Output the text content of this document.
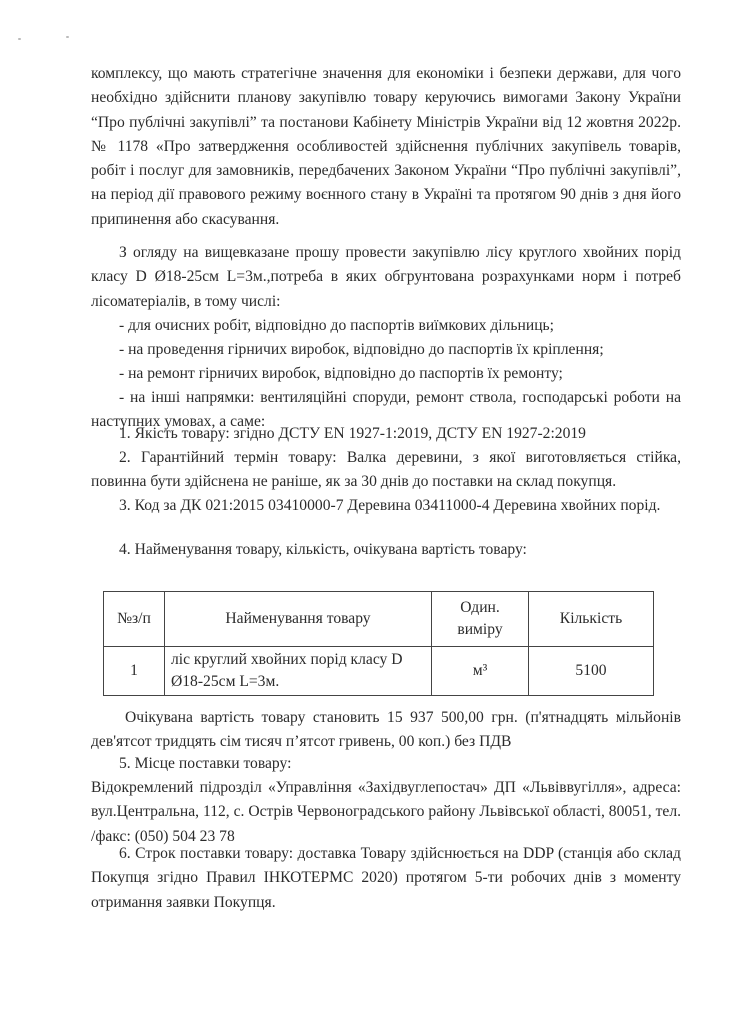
комплексу, що мають стратегічне значення для економіки і безпеки держави, для чого необхідно здійснити планову закупівлю товару керуючись вимогами Закону України “Про публічні закупівлі” та постанови Кабінету Міністрів України від 12 жовтня 2022р. № 1178 «Про затвердження особливостей здійснення публічних закупівель товарів, робіт і послуг для замовників, передбачених Законом України “Про публічні закупівлі”, на період дії правового режиму воєнного стану в Україні та протягом 90 днів з дня його припинення або скасування.

З огляду на вищевказане прошу провести закупівлю лісу круглого хвойних порід класу D Ø18-25см L=3м.,потреба в яких обгрунтована розрахунками норм і потреб лісоматеріалів, в тому числі:

- для очисних робіт, відповідно до паспортів виїмкових дільниць;

- на проведення гірничих виробок, відповідно до паспортів їх кріплення;

- на ремонт гірничих виробок, відповідно до паспортів їх ремонту;

- на інші напрямки: вентиляційні споруди, ремонт ствола, господарські роботи на наступних умовах, а саме:

1. Якість товару: згідно ДСТУ EN 1927-1:2019, ДСТУ EN 1927-2:2019

2. Гарантійний термін товару: Валка деревини, з якої виготовляється стійка, повинна бути здійснена не раніше, як за 30 днів до поставки на склад покупця.

3. Код за ДК 021:2015 03410000-7 Деревина 03411000-4 Деревина хвойних порід.

4. Найменування товару, кількість, очікувана вартість товару:

№з/п	Найменування товару	Один. виміру	Кількість
1	ліс круглий хвойних порід класу D Ø18-25см L=3м.	м³	5100

Очікувана вартість товару становить 15 937 500,00 грн. (п'ятнадцять мільйонів дев'ятсот тридцять сім тисяч п’ятсот гривень, 00 коп.) без ПДВ

5. Місце поставки товару:

Відокремлений підрозділ «Управління «Західвуглепостач» ДП «Львіввугілля», адреса: вул.Центральна, 112, с. Острів Червоноградського району Львівської області, 80051, тел. /факс: (050) 504 23 78

6. Строк поставки товару: доставка Товару здійснюється на DDP (станція або склад Покупця згідно Правил ІНКОТЕРМС 2020) протягом 5-ти робочих днів з моменту отримання заявки Покупця.
